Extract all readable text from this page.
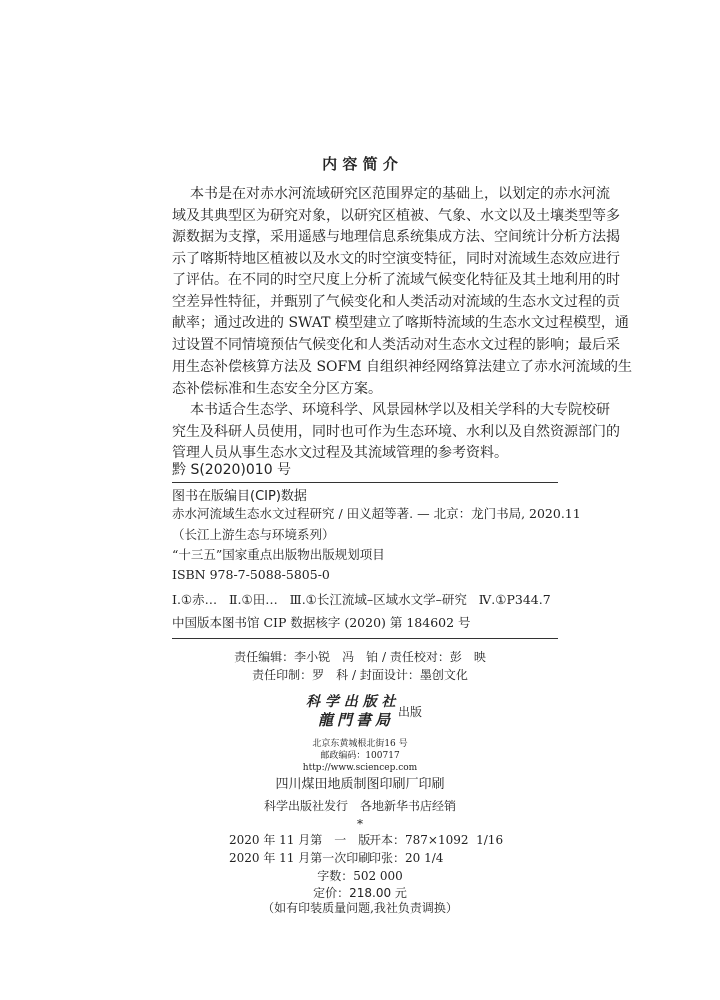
内 容 简 介
本书是在对赤水河流域研究区范围界定的基础上，以划定的赤水河流
域及其典型区为研究对象，以研究区植被、气象、水文以及土壤类型等多
源数据为支撑，采用遥感与地理信息系统集成方法、空间统计分析方法揭
示了喀斯特地区植被以及水文的时空演变特征，同时对流域生态效应进行
了评估。在不同的时空尺度上分析了流域气候变化特征及其土地利用的时
空差异性特征，并甄别了气候变化和人类活动对流域的生态水文过程的贡
献率；通过改进的 SWAT 模型建立了喀斯特流域的生态水文过程模型，通
过设置不同情境预估气候变化和人类活动对生态水文过程的影响；最后采
用生态补偿核算方法及 SOFM 自组织神经网络算法建立了赤水河流域的生
态补偿标准和生态安全分区方案。
本书适合生态学、环境科学、风景园林学以及相关学科的大专院校研
究生及科研人员使用，同时也可作为生态环境、水利以及自然资源部门的
管理人员从事生态水文过程及其流域管理的参考资料。
黔 S(2020)010 号
图书在版编目(CIP)数据
赤水河流域生态水文过程研究 / 田义超等著. — 北京：龙门书局, 2020.11
（长江上游生态与环境系列）
“十三五”国家重点出版物出版规划项目
ISBN 978-7-5088-5805-0
Ⅰ.①赤…   Ⅱ.①田…   Ⅲ.①长江流域–区域水文学–研究   Ⅳ.①P344.7
中国版本图书馆 CIP 数据核字 (2020) 第 184602 号
责任编辑：李小锐　冯　铂 / 责任校对：彭　映
责任印制：罗　科 / 封面设计：墨创文化
科 学 出 版 社
龍門書局 出版
北京东黄城根北街16 号
邮政编码：100717
http://www.sciencep.com
四川煤田地质制图印刷厂印刷
科学出版社发行　各地新华书店经销
*
2020 年 11 月第　一　版
开本：787×1092  1/16
2020 年 11 月第一次印刷
印张：20 1/4
字数：502 000
定价：218.00 元
（如有印装质量问题,我社负责调换）
